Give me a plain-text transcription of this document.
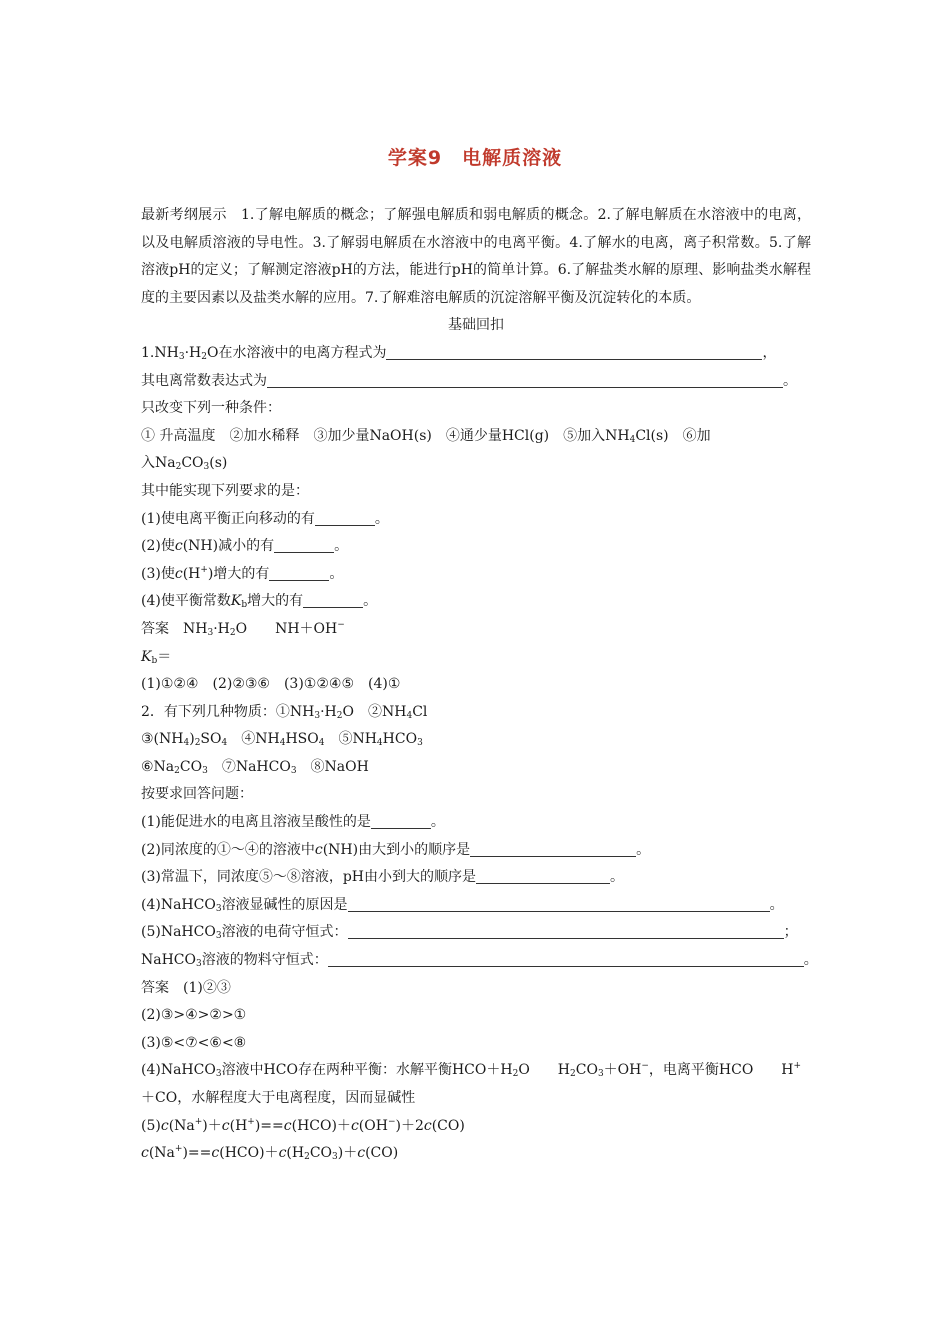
学案9　电解质溶液

最新考纲展示　1.了解电解质的概念；了解强电解质和弱电解质的概念。2.了解电解质在水溶液中的电离，以及电解质溶液的导电性。3.了解弱电解质在水溶液中的电离平衡。4.了解水的电离，离子积常数。5.了解溶液pH的定义；了解测定溶液pH的方法，能进行pH的简单计算。6.了解盐类水解的原理、影响盐类水解程度的主要因素以及盐类水解的应用。7.了解难溶电解质的沉淀溶解平衡及沉淀转化的本质。

基础回扣

$1.NH_3\cdot H_2O$在水溶液中的电离方程式为	，

其电离常数表达式为	。

只改变下列一种条件：

① 升高温度　②加水稀释　③加少量NaOH(s)　④通少量HCl(g)　⑤加入$NH_4Cl(s)$　⑥加

入$Na_2CO_3(s)$

其中能实现下列要求的是：

(1)使电离平衡正向移动的有	。

(2)使c(NH)减小的有	。

(3)使c(H+)增大的有	。

(4)使平衡常数$K_b$增大的有	。

答案　$NH_3\cdot H_2O$　　NH＋OH−

$K_b=$

(1)①②④　(2)②③⑥　(3)①②④⑤　(4)①

2．有下列几种物质：$①NH_3\cdot H_2O$　$②NH_4Cl$

$③(NH_4)_2SO_4$　$④NH_4HSO_4$　$⑤NH_4HCO_3$

$⑥Na_2CO_3$　⑦NaHCO$_3$　⑧NaOH

按要求回答问题：

(1)能促进水的电离且溶液呈酸性的是	。

(2)同浓度的①～④的溶液中c(NH)由大到小的顺序是	。

(3)常温下，同浓度⑤～⑧溶液，pH由小到大的顺序是	。

(4)NaHCO$_3$溶液显碱性的原因是	。

(5)NaHCO$_3$溶液的电荷守恒式：	；

NaHCO$_3$溶液的物料守恒式：	。

答案　(1)②③

(2)③>④>②>①

(3)⑤<⑦<⑥<⑧

(4)NaHCO$_3$溶液中HCO存在两种平衡：水解平衡$HCO+H_2O$　　$H_2CO_3+OH^-$，电离平衡HCO　　H+

＋CO，水解程度大于电离程度，因而显碱性

(5)c(Na+)＋c(H+)==c(HCO)＋c(OH−)＋2c(CO)

$c(Na^+)==c(HCO)+c(H_2CO_3)+c(CO)$
